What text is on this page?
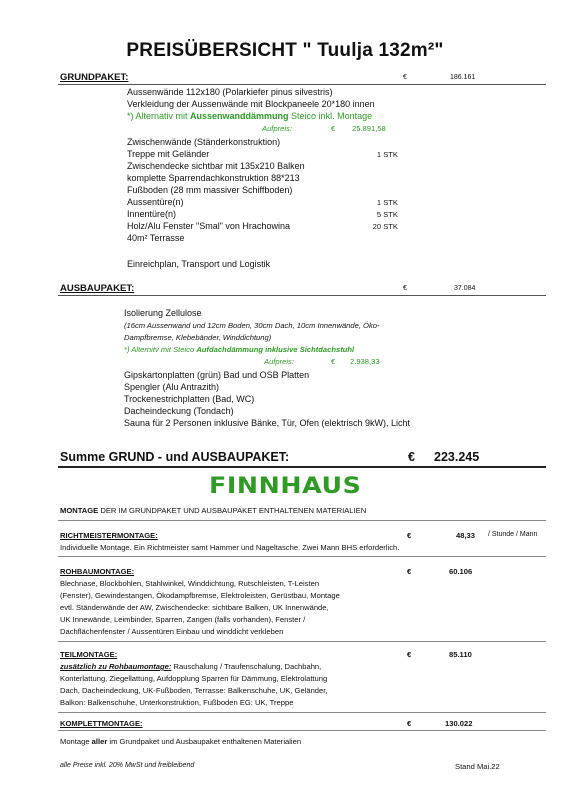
PREISÜBERSICHT " Tuulja 132m²"
GRUNDPAKET:	€	186.161
Aussenwände 112x180 (Polarkiefer pinus silvestris)
Verkleidung der Aussenwände mit Blockpaneele 20*180 innen
*) Alternativ mit Aussenwanddämmung Steico inkl. Montage
Aufpreis:	€ 25.891,58
Zwischenwände (Ständerkonstruktion)
Treppe mit Geländer	1 STK
Zwischendecke sichtbar mit 135x210 Balken
komplette Sparrendachkonstruktion 88*213
Fußboden (28 mm massiver Schiffboden)
Aussentüre(n)	1 STK
Innentüre(n)	5 STK
Holz/Alu Fenster "Smal" von Hrachowina	20 STK
40m² Terrasse
Einreichplan, Transport und Logistik
AUSBAUPAKET:	€	37.084
Isolierung Zellulose
(16cm Aussenwand und 12cm Boden, 30cm Dach, 10cm Innenwände, Öko-
Dampfbremse, Klebebänder, Winddichtung)
*) Alternitv mit Steico Aufdachdämmung inklusive Sichtdachstuhl
Aufpreis:	€ 2.938,33
Gipskartonplatten (grün) Bad und OSB Platten
Spengler (Alu Antrazith)
Trockenestrichplatten (Bad, WC)
Dacheindeckung (Tondach)
Sauna für 2 Personen inklusive Bänke, Tür, Ofen (elektrisch 9kW), Licht
Summe GRUND - und AUSBAUPAKET:	€ 223.245
FINNHAUS
MONTAGE DER IM GRUNDPAKET UND AUSBAUPAKET ENTHALTENEN MATERIALIEN
RICHTMEISTERMONTAGE:	€	48,33 / Stunde / Mann
Individuelle Montage. Ein Richtmeister samt Hammer und Nageltasche. Zwei Mann BHS erforderlich.
ROHBAUMONTAGE:	€	60.106
Blechnase, Blockbohlen, Stahlwinkel, Winddichtung, Rutschleisten, T-Leisten
(Fenster), Gewindestangen, Ökodampfbremse, Elektroleisten, Gerüstbau, Montage
evtl. Ständerwände der AW, Zwischendecke: sichtbare Balken, UK Innenwände,
UK Innewände, Leimbinder, Sparren, Zangen (falls vorhanden), Fenster /
Dachflächenfenster / Aussentüren Einbau und winddicht verkleben
TEILMONTAGE:	€	85.110
zusätzlich zu Rohbaumontage: Rauschalung / Traufenschalung, Dachbahn,
Konterlattung, Ziegellattung, Aufdopplung Sparren für Dämmung, Elektrolattung
Dach, Dacheindeckung, UK-Fußboden, Terrasse: Balkenschuhe, UK, Geländer,
Balkon: Balkenschuhe, Unterkonstruktion, Fußboden EG: UK, Treppe
KOMPLETTMONTAGE:	€	130.022
Montage aller im Grundpaket und Ausbaupaket enthaltenen Materialien
alle Preise inkl. 20% MwSt und freibleibend	Stand Mai.22
